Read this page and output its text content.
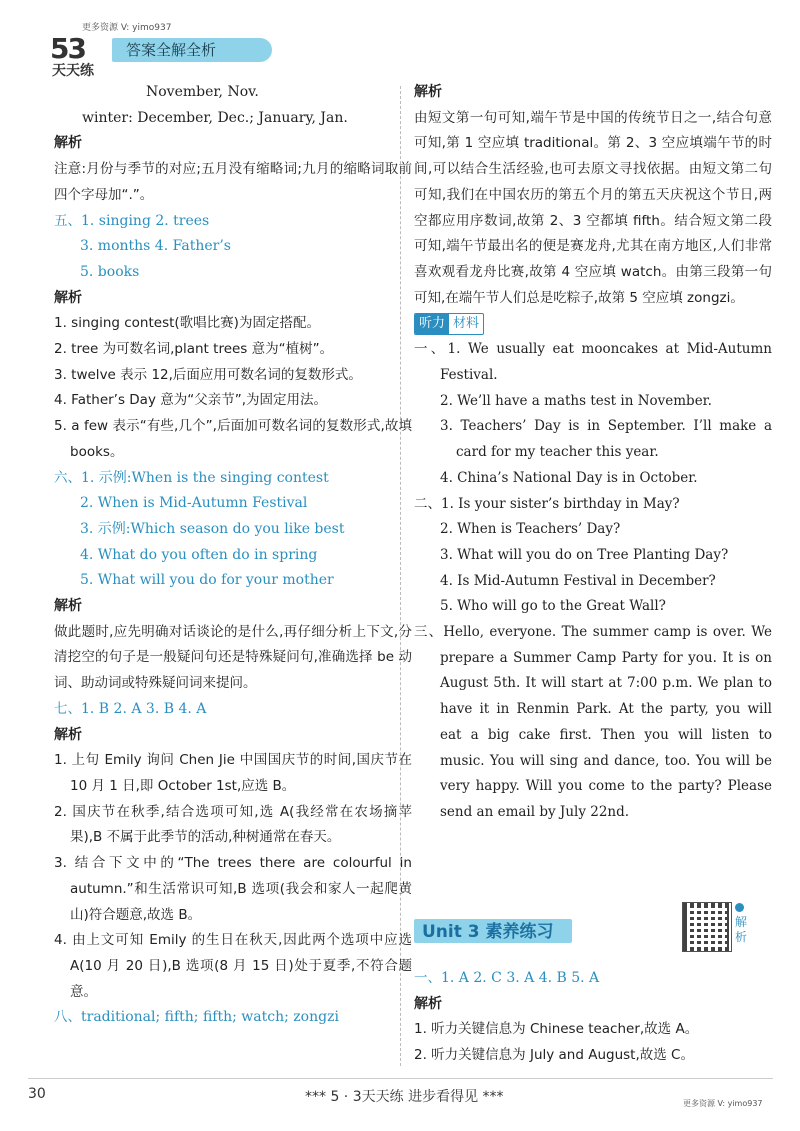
更多资源 V: yimo937
53
天天练
答案全解全析
November, Nov.
winter: December, Dec.; January, Jan.
解析
注意:月份与季节的对应;五月没有缩略词;九月的缩略词取前四个字母加“.”。
五、1. singing 2. trees
3. months 4. Father’s
5. books
解析
1. singing contest(歌唱比赛)为固定搭配。
2. tree 为可数名词,plant trees 意为“植树”。
3. twelve 表示 12,后面应用可数名词的复数形式。
4. Father’s Day 意为“父亲节”,为固定用法。
5. a few 表示“有些,几个”,后面加可数名词的复数形式,故填 books。
六、1. 示例:When is the singing contest
2. When is Mid-Autumn Festival
3. 示例:Which season do you like best
4. What do you often do in spring
5. What will you do for your mother
解析
做此题时,应先明确对话谈论的是什么,再仔细分析上下文,分清挖空的句子是一般疑问句还是特殊疑问句,准确选择 be 动词、助动词或特殊疑问词来提问。
七、1. B 2. A 3. B 4. A
解析
1. 上句 Emily 询问 Chen Jie 中国国庆节的时间,国庆节在 10 月 1 日,即 October 1st,应选 B。
2. 国庆节在秋季,结合选项可知,选 A(我经常在农场摘苹果),B 不属于此季节的活动,种树通常在春天。
3. 结合下文中的“The trees there are colourful in autumn.”和生活常识可知,B 选项(我会和家人一起爬黄山)符合题意,故选 B。
4. 由上文可知 Emily 的生日在秋天,因此两个选项中应选 A(10 月 20 日),B 选项(8 月 15 日)处于夏季,不符合题意。
八、traditional; fifth; fifth; watch; zongzi
解析
由短文第一句可知,端午节是中国的传统节日之一,结合句意可知,第 1 空应填 traditional。第 2、3 空应填端午节的时间,可以结合生活经验,也可去原文寻找依据。由短文第二句可知,我们在中国农历的第五个月的第五天庆祝这个节日,两空都应用序数词,故第 2、3 空都填 fifth。结合短文第二段可知,端午节最出名的便是赛龙舟,尤其在南方地区,人们非常喜欢观看龙舟比赛,故第 4 空应填 watch。由第三段第一句可知,在端午节人们总是吃粽子,故第 5 空应填 zongzi。
听力 材料
一、1. We usually eat mooncakes at Mid-Autumn Festival.
2. We’ll have a maths test in November.
3. Teachers’ Day is in September. I’ll make a card for my teacher this year.
4. China’s National Day is in October.
二、1. Is your sister’s birthday in May?
2. When is Teachers’ Day?
3. What will you do on Tree Planting Day?
4. Is Mid-Autumn Festival in December?
5. Who will go to the Great Wall?
三、Hello, everyone. The summer camp is over. We prepare a Summer Camp Party for you. It is on August 5th. It will start at 7:00 p.m. We plan to have it in Renmin Park. At the party, you will eat a big cake first. Then you will listen to music. You will sing and dance, too. You will be very happy. Will you come to the party? Please send an email by July 22nd.
Unit 3 素养练习	解析
一、1. A 2. C 3. A 4. B 5. A
解析
1. 听力关键信息为 Chinese teacher,故选 A。
2. 听力关键信息为 July and August,故选 C。
30	*** 5 · 3天天练 进步看得见 ***	更多资源 V: yimo937
